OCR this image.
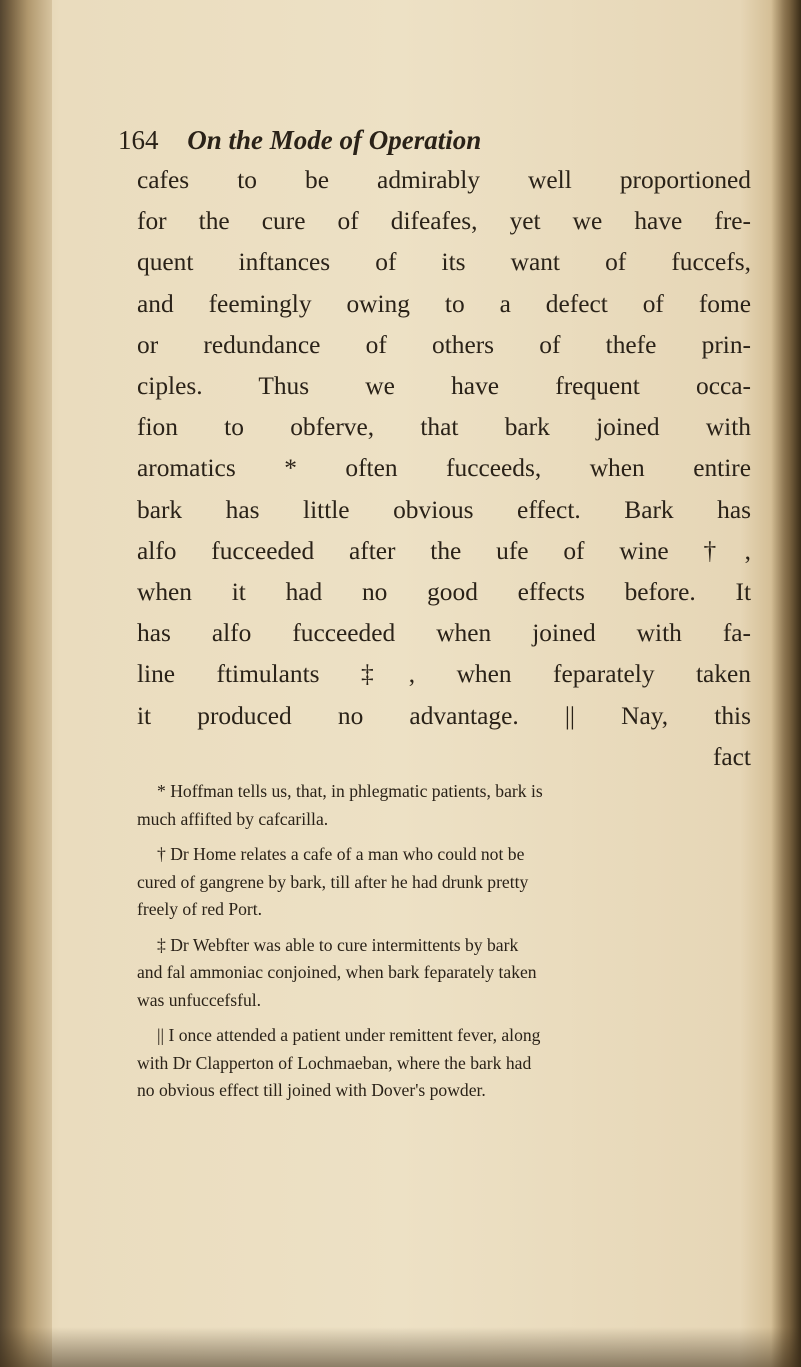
164 On the Mode of Operation
cafes to be admirably well proportioned
for the cure of difeafes, yet we have fre-
quent inftances of its want of fuccefs,
and feemingly owing to a defect of fome
or redundance of others of thefe prin-
ciples. Thus we have frequent occa-
fion to obferve, that bark joined with
aromatics * often fucceeds, when entire
bark has little obvious effect. Bark has
alfo fucceeded after the ufe of wine †,
when it had no good effects before. It
has alfo fucceeded when joined with fa-
line ftimulants ‡, when feparately taken
it produced no advantage. || Nay, this
fact

* Hoffman tells us, that, in phlegmatic patients, bark is
much affifted by cafcarilla.

† Dr Home relates a cafe of a man who could not be
cured of gangrene by bark, till after he had drunk pretty
freely of red Port.

‡ Dr Webfter was able to cure intermittents by bark
and fal ammoniac conjoined, when bark feparately taken
was unfuccefsful.

|| I once attended a patient under remittent fever, along
with Dr Clapperton of Lochmaeban, where the bark had
no obvious effect till joined with Dover's powder.
